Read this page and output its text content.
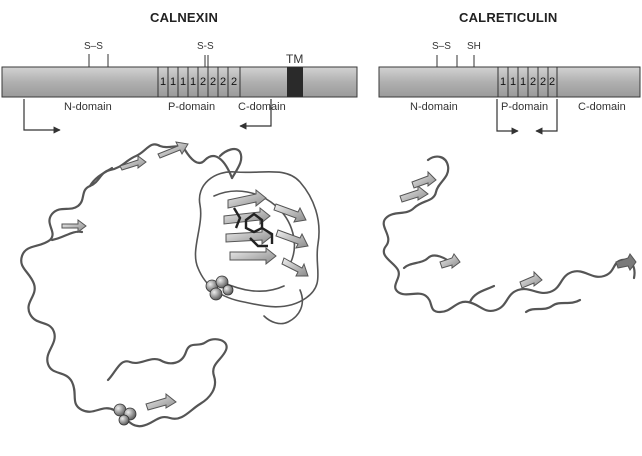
CALNEXIN	CALRETICULIN
S–S	S-S
TM
1 1 1 1 2 2 2 2
N-domain	P-domain C-domain
S–S SH
1 1 1 2 2 2
N-domain	P-domain	C-domain
